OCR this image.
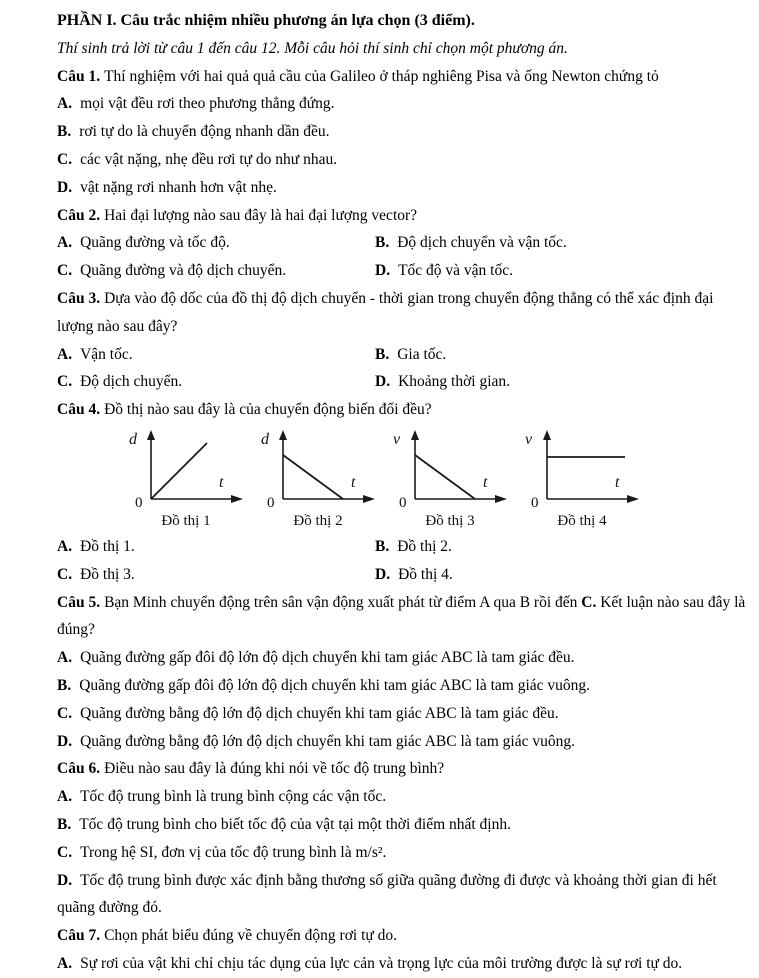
PHẦN I. Câu trắc nhiệm nhiều phương án lựa chọn (3 điểm).

Thí sinh trả lời từ câu 1 đến câu 12. Mỗi câu hỏi thí sinh chỉ chọn một phương án.

Câu 1. Thí nghiệm với hai quả quả cầu của Galileo ở tháp nghiêng Pisa và ống Newton chứng tỏ

A. mọi vật đều rơi theo phương thẳng đứng.

B. rơi tự do là chuyển động nhanh dần đều.

C. các vật nặng, nhẹ đều rơi tự do như nhau.

D. vật nặng rơi nhanh hơn vật nhẹ.

Câu 2. Hai đại lượng nào sau đây là hai đại lượng vector?

A. Quãng đường và tốc độ.	B. Độ dịch chuyển và vận tốc.
C. Quãng đường và độ dịch chuyển.	D. Tốc độ và vận tốc.

Câu 3. Dựa vào độ dốc của đồ thị độ dịch chuyển - thời gian trong chuyển động thẳng có thể xác định đại lượng nào sau đây?

A. Vận tốc.	B. Gia tốc.
C. Độ dịch chuyển.	D. Khoảng thời gian.

Câu 4. Đồ thị nào sau đây là của chuyển động biến đổi đều?

d
t
0
Đồ thị 1
d
t
0
Đồ thị 2
v
t
0
Đồ thị 3
v
t
0
Đồ thị 4
A. Đồ thị 1.	B. Đồ thị 2.
C. Đồ thị 3.	D. Đồ thị 4.

Câu 5. Bạn Minh chuyển động trên sân vận động xuất phát từ điểm A qua B rồi đến C. Kết luận nào sau đây là đúng?

A. Quãng đường gấp đôi độ lớn độ dịch chuyển khi tam giác ABC là tam giác đều.

B. Quãng đường gấp đôi độ lớn độ dịch chuyển khi tam giác ABC là tam giác vuông.

C. Quãng đường bằng độ lớn độ dịch chuyển khi tam giác ABC là tam giác đều.

D. Quãng đường bằng độ lớn độ dịch chuyển khi tam giác ABC là tam giác vuông.

Câu 6. Điều nào sau đây là đúng khi nói về tốc độ trung bình?

A. Tốc độ trung bình là trung bình cộng các vận tốc.

B. Tốc độ trung bình cho biết tốc độ của vật tại một thời điểm nhất định.

C. Trong hệ SI, đơn vị của tốc độ trung bình là m/s².

D. Tốc độ trung bình được xác định bằng thương số giữa quãng đường đi được và khoảng thời gian đi hết quãng đường đó.

Câu 7. Chọn phát biểu đúng về chuyển động rơi tự do.

A. Sự rơi của vật khi chỉ chịu tác dụng của lực cản và trọng lực của môi trường được là sự rơi tự do.
